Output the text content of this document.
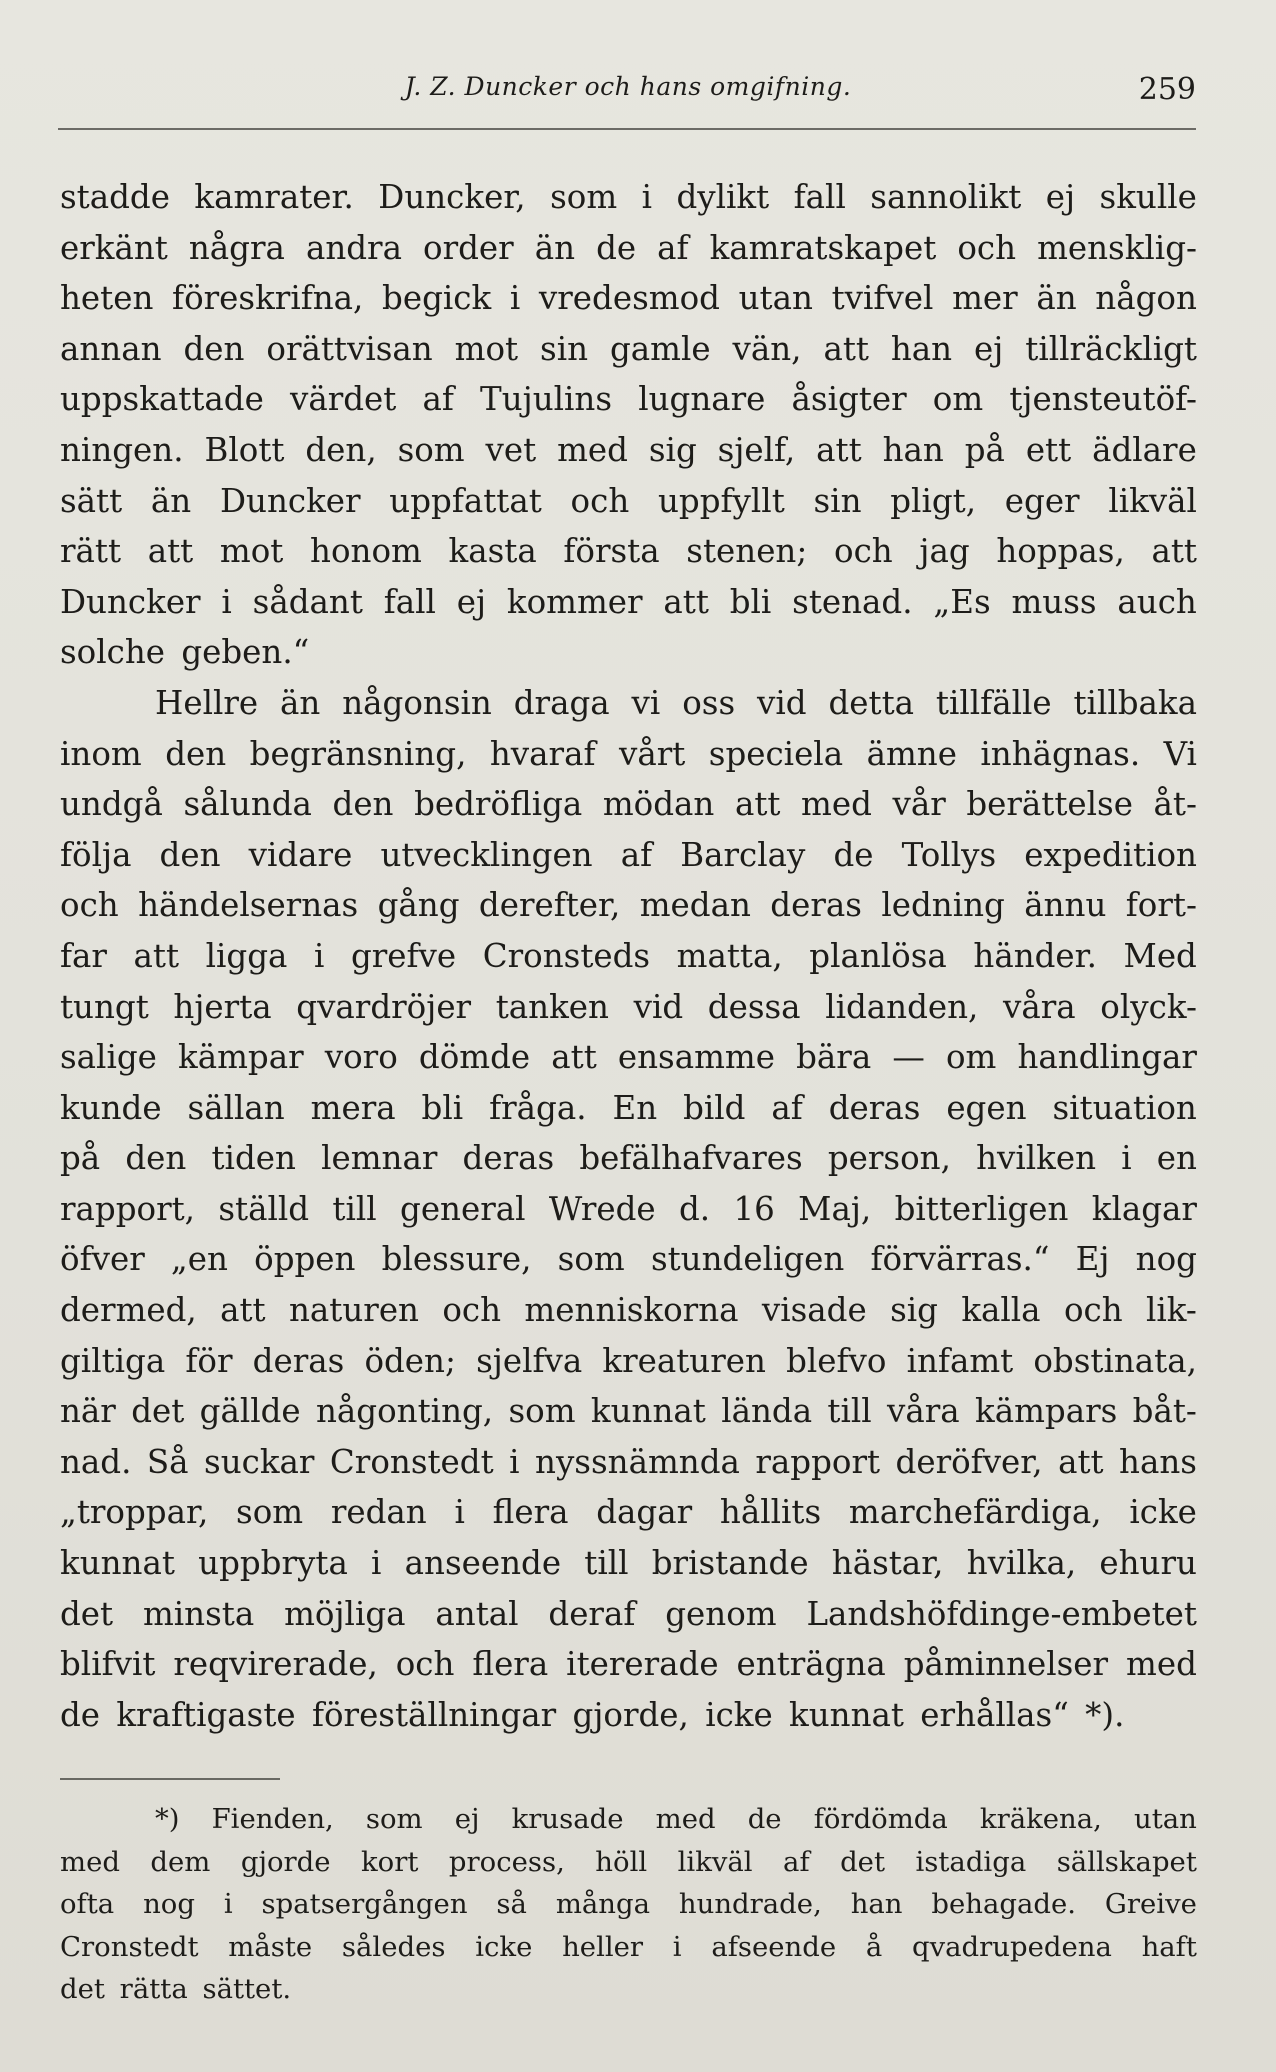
J. Z. Duncker och hans omgifning.	259
stadde kamrater. Duncker, som i dylikt fall sannolikt ej skulle
erkänt några andra order än de af kamratskapet och mensklig-
heten föreskrifna, begick i vredesmod utan tvifvel mer än någon
annan den orättvisan mot sin gamle vän, att han ej tillräckligt
uppskattade värdet af Tujulins lugnare åsigter om tjensteutöf-
ningen. Blott den, som vet med sig sjelf, att han på ett ädlare
sätt än Duncker uppfattat och uppfyllt sin pligt, eger likväl
rätt att mot honom kasta första stenen; och jag hoppas, att
Duncker i sådant fall ej kommer att bli stenad. „Es muss auch
solche geben.“
Hellre än någonsin draga vi oss vid detta tillfälle tillbaka
inom den begränsning, hvaraf vårt speciela ämne inhägnas. Vi
undgå sålunda den bedröfliga mödan att med vår berättelse åt-
följa den vidare utvecklingen af Barclay de Tollys expedition
och händelsernas gång derefter, medan deras ledning ännu fort-
far att ligga i grefve Cronsteds matta, planlösa händer. Med
tungt hjerta qvardröjer tanken vid dessa lidanden, våra olyck-
salige kämpar voro dömde att ensamme bära — om handlingar
kunde sällan mera bli fråga. En bild af deras egen situation
på den tiden lemnar deras befälhafvares person, hvilken i en
rapport, ställd till general Wrede d. 16 Maj, bitterligen klagar
öfver „en öppen blessure, som stundeligen förvärras.“ Ej nog
dermed, att naturen och menniskorna visade sig kalla och lik-
giltiga för deras öden; sjelfva kreaturen blefvo infamt obstinata,
när det gällde någonting, som kunnat lända till våra kämpars båt-
nad. Så suckar Cronstedt i nyssnämnda rapport deröfver, att hans
„troppar, som redan i flera dagar hållits marchefärdiga, icke
kunnat uppbryta i anseende till bristande hästar, hvilka, ehuru
det minsta möjliga antal deraf genom Landshöfdinge-embetet
blifvit reqvirerade, och flera itererade enträgna påminnelser med
de kraftigaste föreställningar gjorde, icke kunnat erhållas“ *).
*) Fienden, som ej krusade med de fördömda kräkena, utan
med dem gjorde kort process, höll likväl af det istadiga sällskapet
ofta nog i spatsergången så många hundrade, han behagade. Greive
Cronstedt måste således icke heller i afseende å qvadrupedena haft
det rätta sättet.
